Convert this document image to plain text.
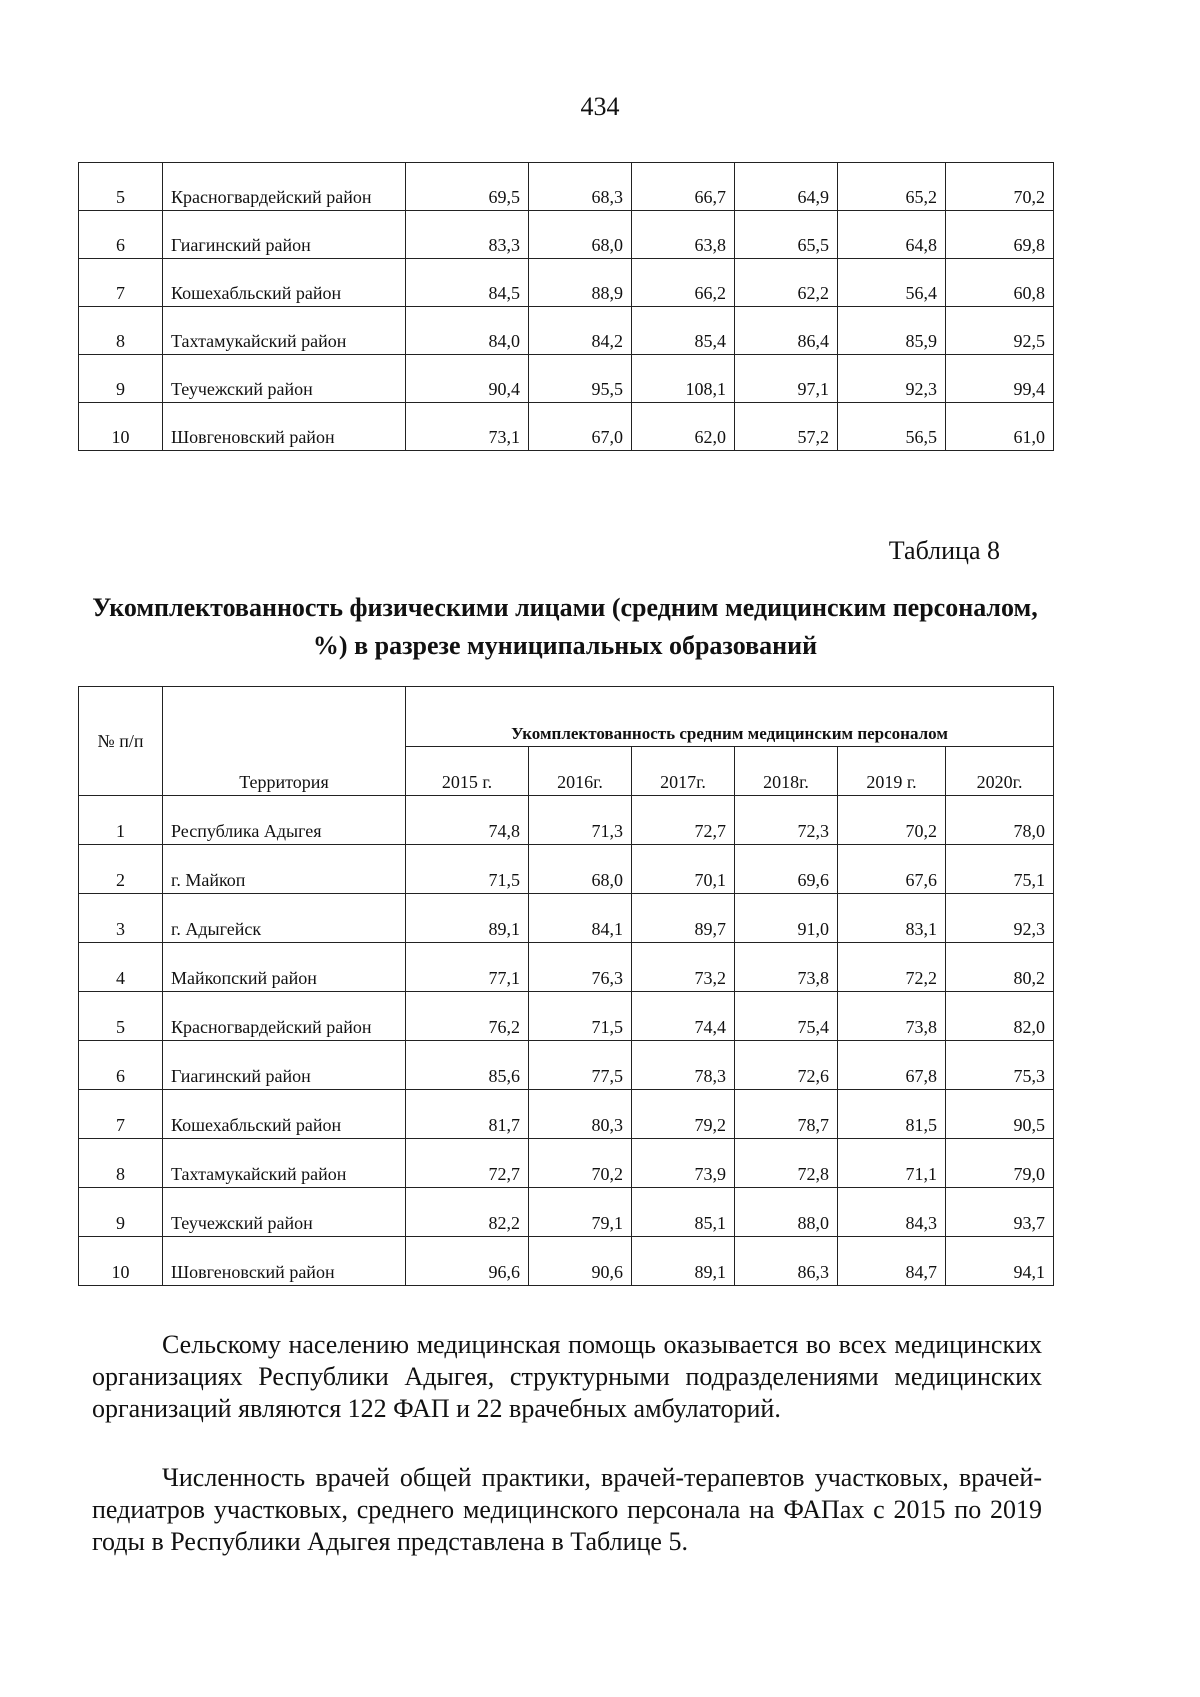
434
5	Красногвардейский район	69,5	68,3	66,7	64,9	65,2	70,2
6	Гиагинский район	83,3	68,0	63,8	65,5	64,8	69,8
7	Кошехабльский район	84,5	88,9	66,2	62,2	56,4	60,8
8	Тахтамукайский район	84,0	84,2	85,4	86,4	85,9	92,5
9	Теучежский район	90,4	95,5	108,1	97,1	92,3	99,4
10	Шовгеновский район	73,1	67,0	62,0	57,2	56,5	61,0
Таблица 8
Укомплектованность физическими лицами (средним медицинским персоналом, %) в разрезе муниципальных образований
№ п/п	Территория	Укомплектованность средним медицинским персоналом					
		2015 г.	2016г.	2017г.	2018г.	2019 г.	2020г.
1	Республика Адыгея	74,8	71,3	72,7	72,3	70,2	78,0
2	г. Майкоп	71,5	68,0	70,1	69,6	67,6	75,1
3	г. Адыгейск	89,1	84,1	89,7	91,0	83,1	92,3
4	Майкопский район	77,1	76,3	73,2	73,8	72,2	80,2
5	Красногвардейский район	76,2	71,5	74,4	75,4	73,8	82,0
6	Гиагинский район	85,6	77,5	78,3	72,6	67,8	75,3
7	Кошехабльский район	81,7	80,3	79,2	78,7	81,5	90,5
8	Тахтамукайский район	72,7	70,2	73,9	72,8	71,1	79,0
9	Теучежский район	82,2	79,1	85,1	88,0	84,3	93,7
10	Шовгеновский район	96,6	90,6	89,1	86,3	84,7	94,1

Сельскому населению медицинская помощь оказывается во всех медицинских организациях Республики Адыгея, структурными подразделениями медицинских организаций являются 122 ФАП и 22 врачебных амбулаторий.

Численность врачей общей практики, врачей-терапевтов участковых, врачей-педиатров участковых, среднего медицинского персонала на ФАПах с 2015 по 2019 годы в Республики Адыгея представлена в Таблице 5.
